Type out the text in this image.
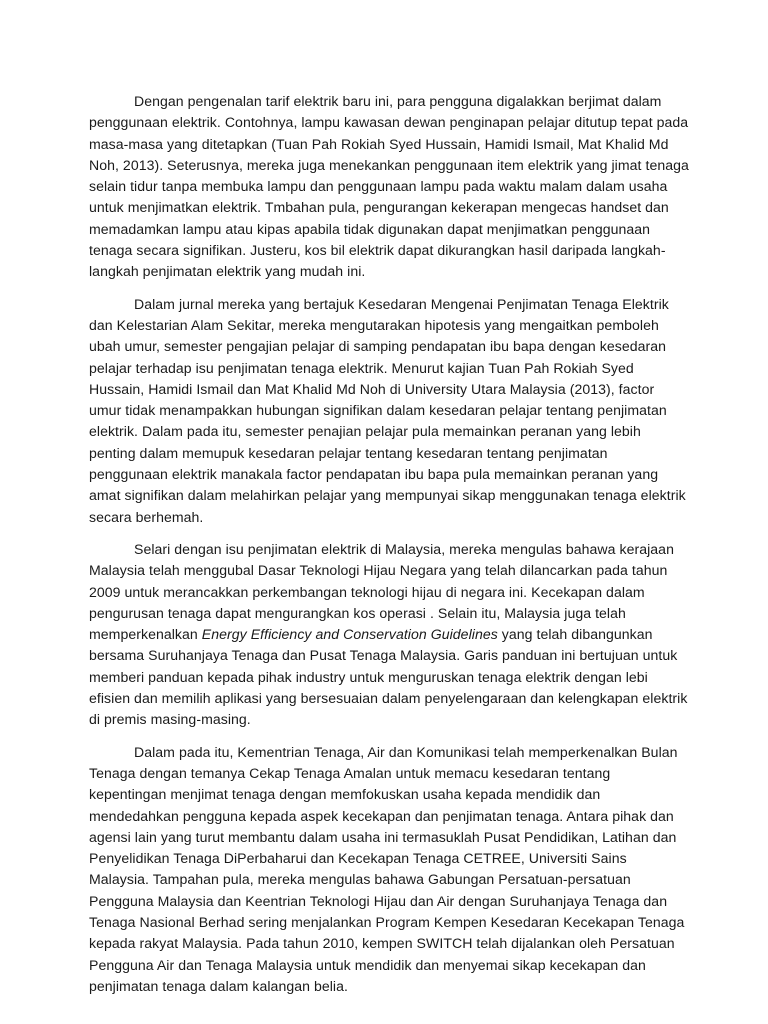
Dengan pengenalan tarif elektrik baru ini, para pengguna digalakkan berjimat dalam penggunaan elektrik. Contohnya, lampu kawasan dewan penginapan pelajar ditutup tepat pada masa-masa yang ditetapkan (Tuan Pah Rokiah Syed Hussain, Hamidi Ismail, Mat Khalid Md Noh, 2013). Seterusnya, mereka juga menekankan penggunaan item elektrik yang jimat tenaga selain tidur tanpa membuka lampu dan penggunaan lampu pada waktu malam dalam usaha untuk menjimatkan elektrik. Tmbahan pula, pengurangan kekerapan mengecas handset dan memadamkan lampu atau kipas apabila tidak digunakan dapat menjimatkan penggunaan tenaga secara signifikan. Justeru, kos bil elektrik dapat dikurangkan hasil daripada langkah-langkah penjimatan elektrik yang mudah ini.

Dalam jurnal mereka yang bertajuk Kesedaran Mengenai Penjimatan Tenaga Elektrik dan Kelestarian Alam Sekitar, mereka mengutarakan hipotesis yang mengaitkan pemboleh ubah umur, semester pengajian pelajar di samping pendapatan ibu bapa dengan kesedaran pelajar terhadap isu penjimatan tenaga elektrik. Menurut kajian Tuan Pah Rokiah Syed Hussain, Hamidi Ismail dan Mat Khalid Md Noh di University Utara Malaysia (2013), factor umur tidak menampakkan hubungan signifikan dalam kesedaran pelajar tentang penjimatan elektrik. Dalam pada itu, semester penajian pelajar pula memainkan peranan yang lebih penting dalam memupuk kesedaran pelajar tentang kesedaran tentang penjimatan penggunaan elektrik manakala factor pendapatan ibu bapa pula memainkan peranan yang amat signifikan dalam melahirkan pelajar yang mempunyai sikap menggunakan tenaga elektrik secara berhemah.

Selari dengan isu penjimatan elektrik di Malaysia, mereka mengulas bahawa kerajaan Malaysia telah menggubal Dasar Teknologi Hijau Negara yang telah dilancarkan pada tahun 2009 untuk merancakkan perkembangan teknologi hijau di negara ini. Kecekapan dalam pengurusan tenaga dapat mengurangkan kos operasi . Selain itu, Malaysia juga telah memperkenalkan Energy Efficiency and Conservation Guidelines yang telah dibangunkan bersama Suruhanjaya Tenaga dan Pusat Tenaga Malaysia. Garis panduan ini bertujuan untuk memberi panduan kepada pihak industry untuk menguruskan tenaga elektrik dengan lebi efisien dan memilih aplikasi yang bersesuaian dalam penyelengaraan dan kelengkapan elektrik di premis masing-masing.

Dalam pada itu, Kementrian Tenaga, Air dan Komunikasi telah memperkenalkan Bulan Tenaga dengan temanya Cekap Tenaga Amalan untuk memacu kesedaran tentang kepentingan menjimat tenaga dengan memfokuskan usaha kepada mendidik dan mendedahkan pengguna kepada aspek kecekapan dan penjimatan tenaga. Antara pihak dan agensi lain yang turut membantu dalam usaha ini termasuklah Pusat Pendidikan, Latihan dan Penyelidikan Tenaga DiPerbaharui dan Kecekapan Tenaga CETREE, Universiti Sains Malaysia. Tampahan pula, mereka mengulas bahawa Gabungan Persatuan-persatuan Pengguna Malaysia dan Keentrian Teknologi Hijau dan Air dengan Suruhanjaya Tenaga dan Tenaga Nasional Berhad sering menjalankan Program Kempen Kesedaran Kecekapan Tenaga kepada rakyat Malaysia. Pada tahun 2010, kempen SWITCH telah dijalankan oleh Persatuan Pengguna Air dan Tenaga Malaysia untuk mendidik dan menyemai sikap kecekapan dan penjimatan tenaga dalam kalangan belia.
